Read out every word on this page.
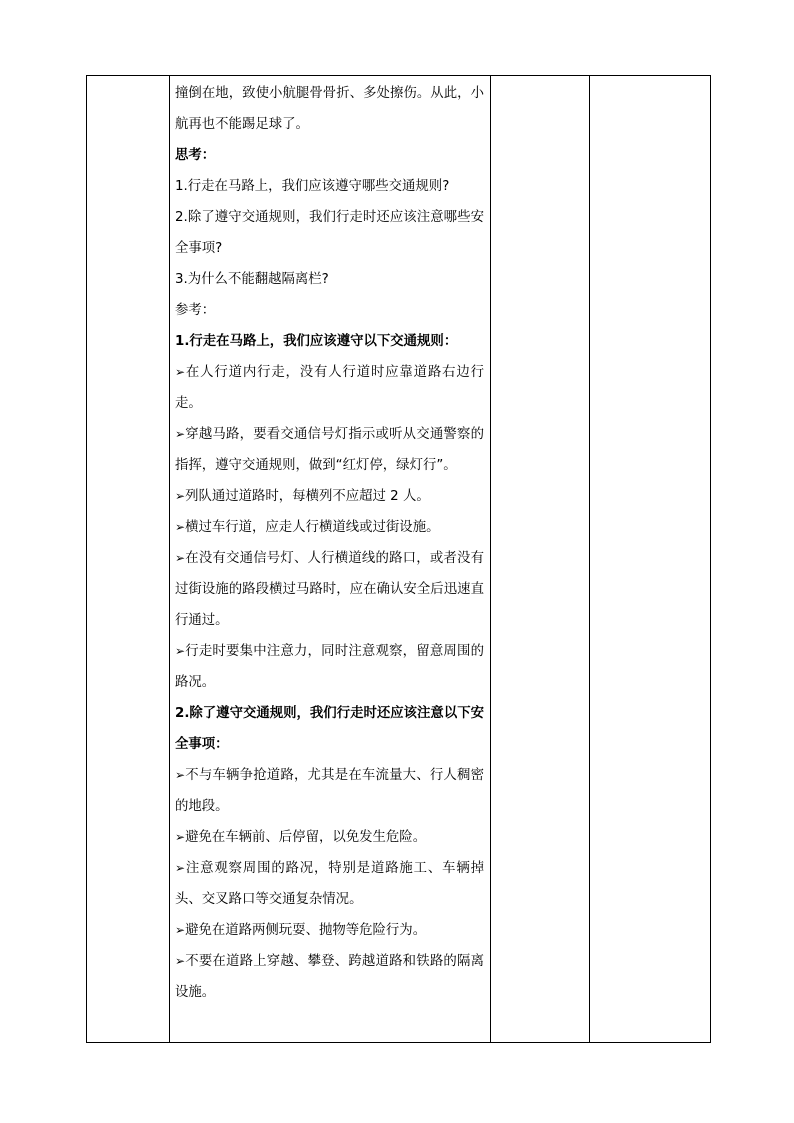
撞倒在地，致使小航腿骨骨折、多处擦伤。从此，小航再也不能踢足球了。

思考：

1.行走在马路上，我们应该遵守哪些交通规则?

2.除了遵守交通规则，我们行走时还应该注意哪些安全事项?

3.为什么不能翻越隔离栏?

参考：

1.行走在马路上，我们应该遵守以下交通规则：

➢在人行道内行走，没有人行道时应靠道路右边行走。

➢穿越马路，要看交通信号灯指示或听从交通警察的指挥，遵守交通规则，做到“红灯停，绿灯行”。

➢列队通过道路时，每横列不应超过 2 人。

➢横过车行道，应走人行横道线或过街设施。

➢在没有交通信号灯、人行横道线的路口，或者没有过街设施的路段横过马路时，应在确认安全后迅速直行通过。

➢行走时要集中注意力，同时注意观察，留意周围的路况。

2.除了遵守交通规则，我们行走时还应该注意以下安全事项：

➢不与车辆争抢道路，尤其是在车流量大、行人稠密的地段。

➢避免在车辆前、后停留，以免发生危险。

➢注意观察周围的路况，特别是道路施工、车辆掉头、交叉路口等交通复杂情况。

➢避免在道路两侧玩耍、抛物等危险行为。

➢不要在道路上穿越、攀登、跨越道路和铁路的隔离设施。
